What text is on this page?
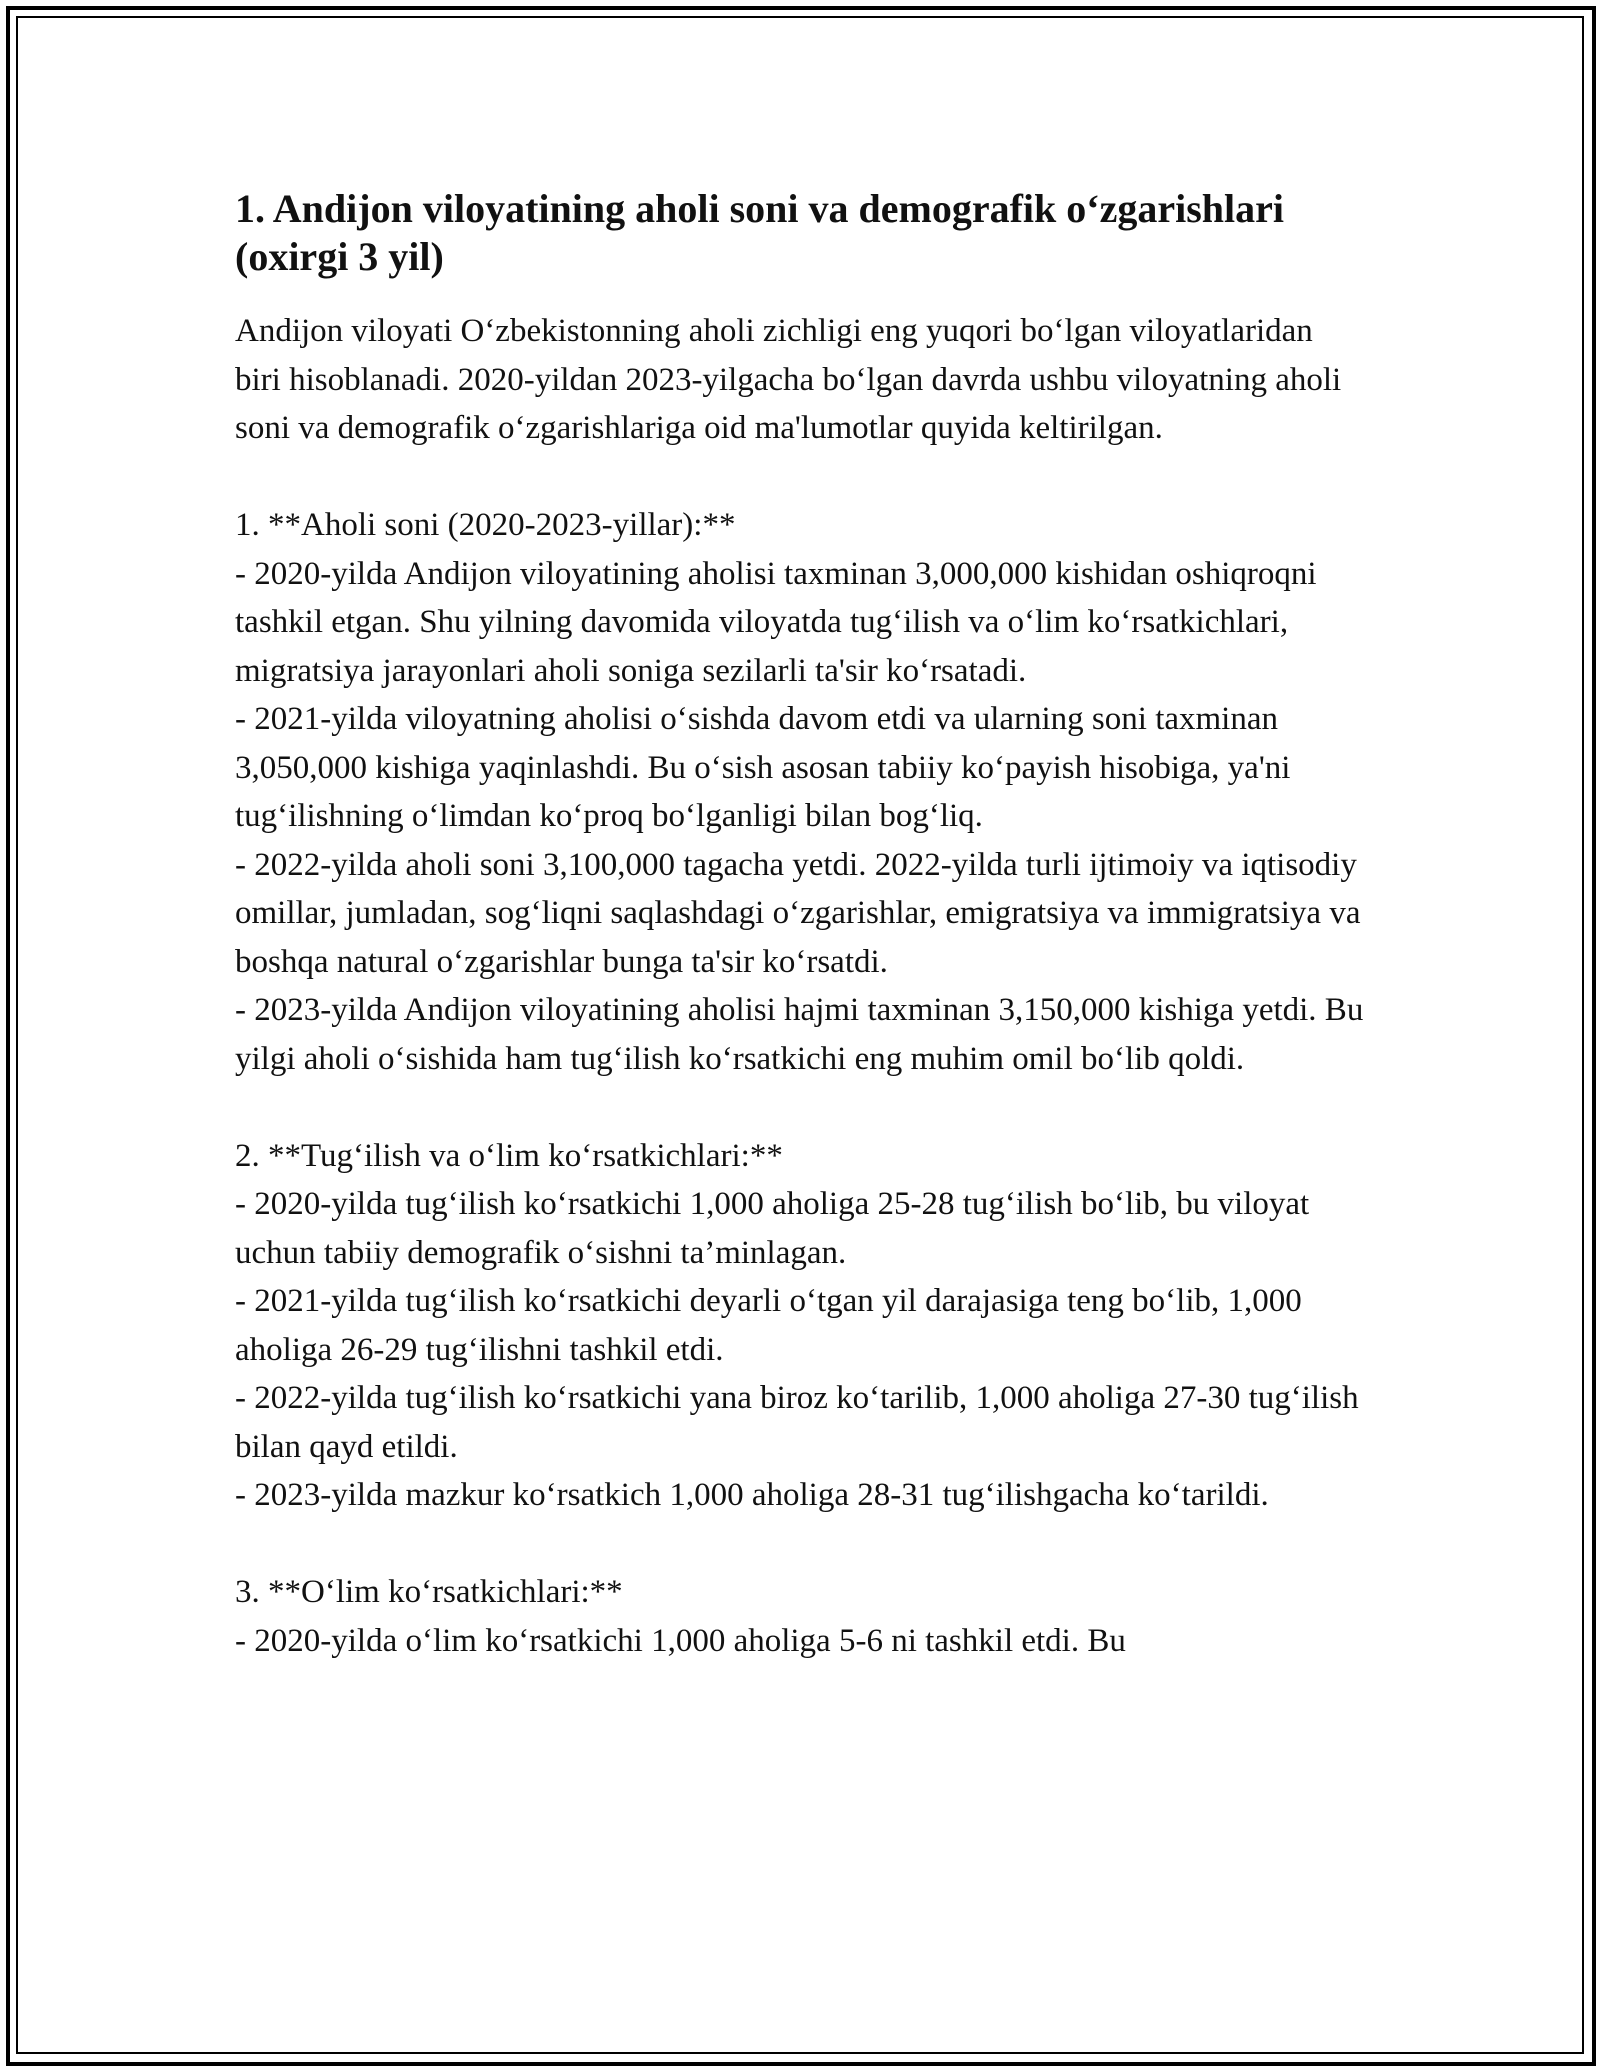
1. Andijon viloyatining aholi soni va demografik o‘zgarishlari (oxirgi 3 yil)

Andijon viloyati O‘zbekistonning aholi zichligi eng yuqori bo‘lgan viloyatlaridan biri hisoblanadi. 2020-yildan 2023-yilgacha bo‘lgan davrda ushbu viloyatning aholi soni va demografik o‘zgarishlariga oid ma'lumotlar quyida keltirilgan.

1. **Aholi soni (2020-2023-yillar):**
- 2020-yilda Andijon viloyatining aholisi taxminan 3,000,000 kishidan oshiqroqni tashkil etgan. Shu yilning davomida viloyatda tug‘ilish va o‘lim ko‘rsatkichlari, migratsiya jarayonlari aholi soniga sezilarli ta'sir ko‘rsatadi.
- 2021-yilda viloyatning aholisi o‘sishda davom etdi va ularning soni taxminan 3,050,000 kishiga yaqinlashdi. Bu o‘sish asosan tabiiy ko‘payish hisobiga, ya'ni tug‘ilishning o‘limdan ko‘proq bo‘lganligi bilan bog‘liq.
- 2022-yilda aholi soni 3,100,000 tagacha yetdi. 2022-yilda turli ijtimoiy va iqtisodiy omillar, jumladan, sog‘liqni saqlashdagi o‘zgarishlar, emigratsiya va immigratsiya va boshqa natural o‘zgarishlar bunga ta'sir ko‘rsatdi.
- 2023-yilda Andijon viloyatining aholisi hajmi taxminan 3,150,000 kishiga yetdi. Bu yilgi aholi o‘sishida ham tug‘ilish ko‘rsatkichi eng muhim omil bo‘lib qoldi.

2. **Tug‘ilish va o‘lim ko‘rsatkichlari:**
- 2020-yilda tug‘ilish ko‘rsatkichi 1,000 aholiga 25-28 tug‘ilish bo‘lib, bu viloyat uchun tabiiy demografik o‘sishni ta’minlagan.
- 2021-yilda tug‘ilish ko‘rsatkichi deyarli o‘tgan yil darajasiga teng bo‘lib, 1,000 aholiga 26-29 tug‘ilishni tashkil etdi.
- 2022-yilda tug‘ilish ko‘rsatkichi yana biroz ko‘tarilib, 1,000 aholiga 27-30 tug‘ilish bilan qayd etildi.
- 2023-yilda mazkur ko‘rsatkich 1,000 aholiga 28-31 tug‘ilishgacha ko‘tarildi.

3. **O‘lim ko‘rsatkichlari:**
- 2020-yilda o‘lim ko‘rsatkichi 1,000 aholiga 5-6 ni tashkil etdi. Bu
